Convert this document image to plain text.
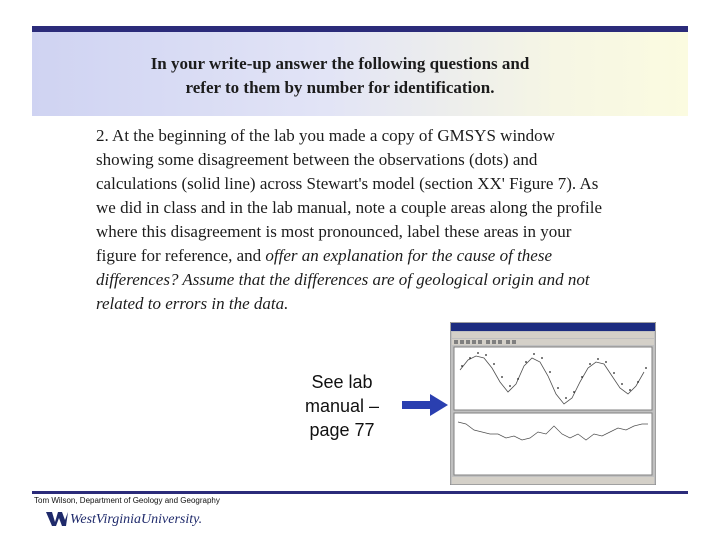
In your write-up answer the following questions and
refer to them by number for identification.
2. At the beginning of the lab you made a copy of GMSYS window showing some disagreement between the observations (dots) and calculations (solid line) across Stewart's model (section XX' Figure 7). As we did in class and in the lab manual, note a couple areas along the profile where this disagreement is most pronounced, label these areas in your figure for reference, and offer an explanation for the cause of these differences? Assume that the differences are of geological origin and not related to errors in the data.
See lab
manual –
page 77
Tom Wilson, Department of Geology and Geography
WestVirginiaUniversity.
